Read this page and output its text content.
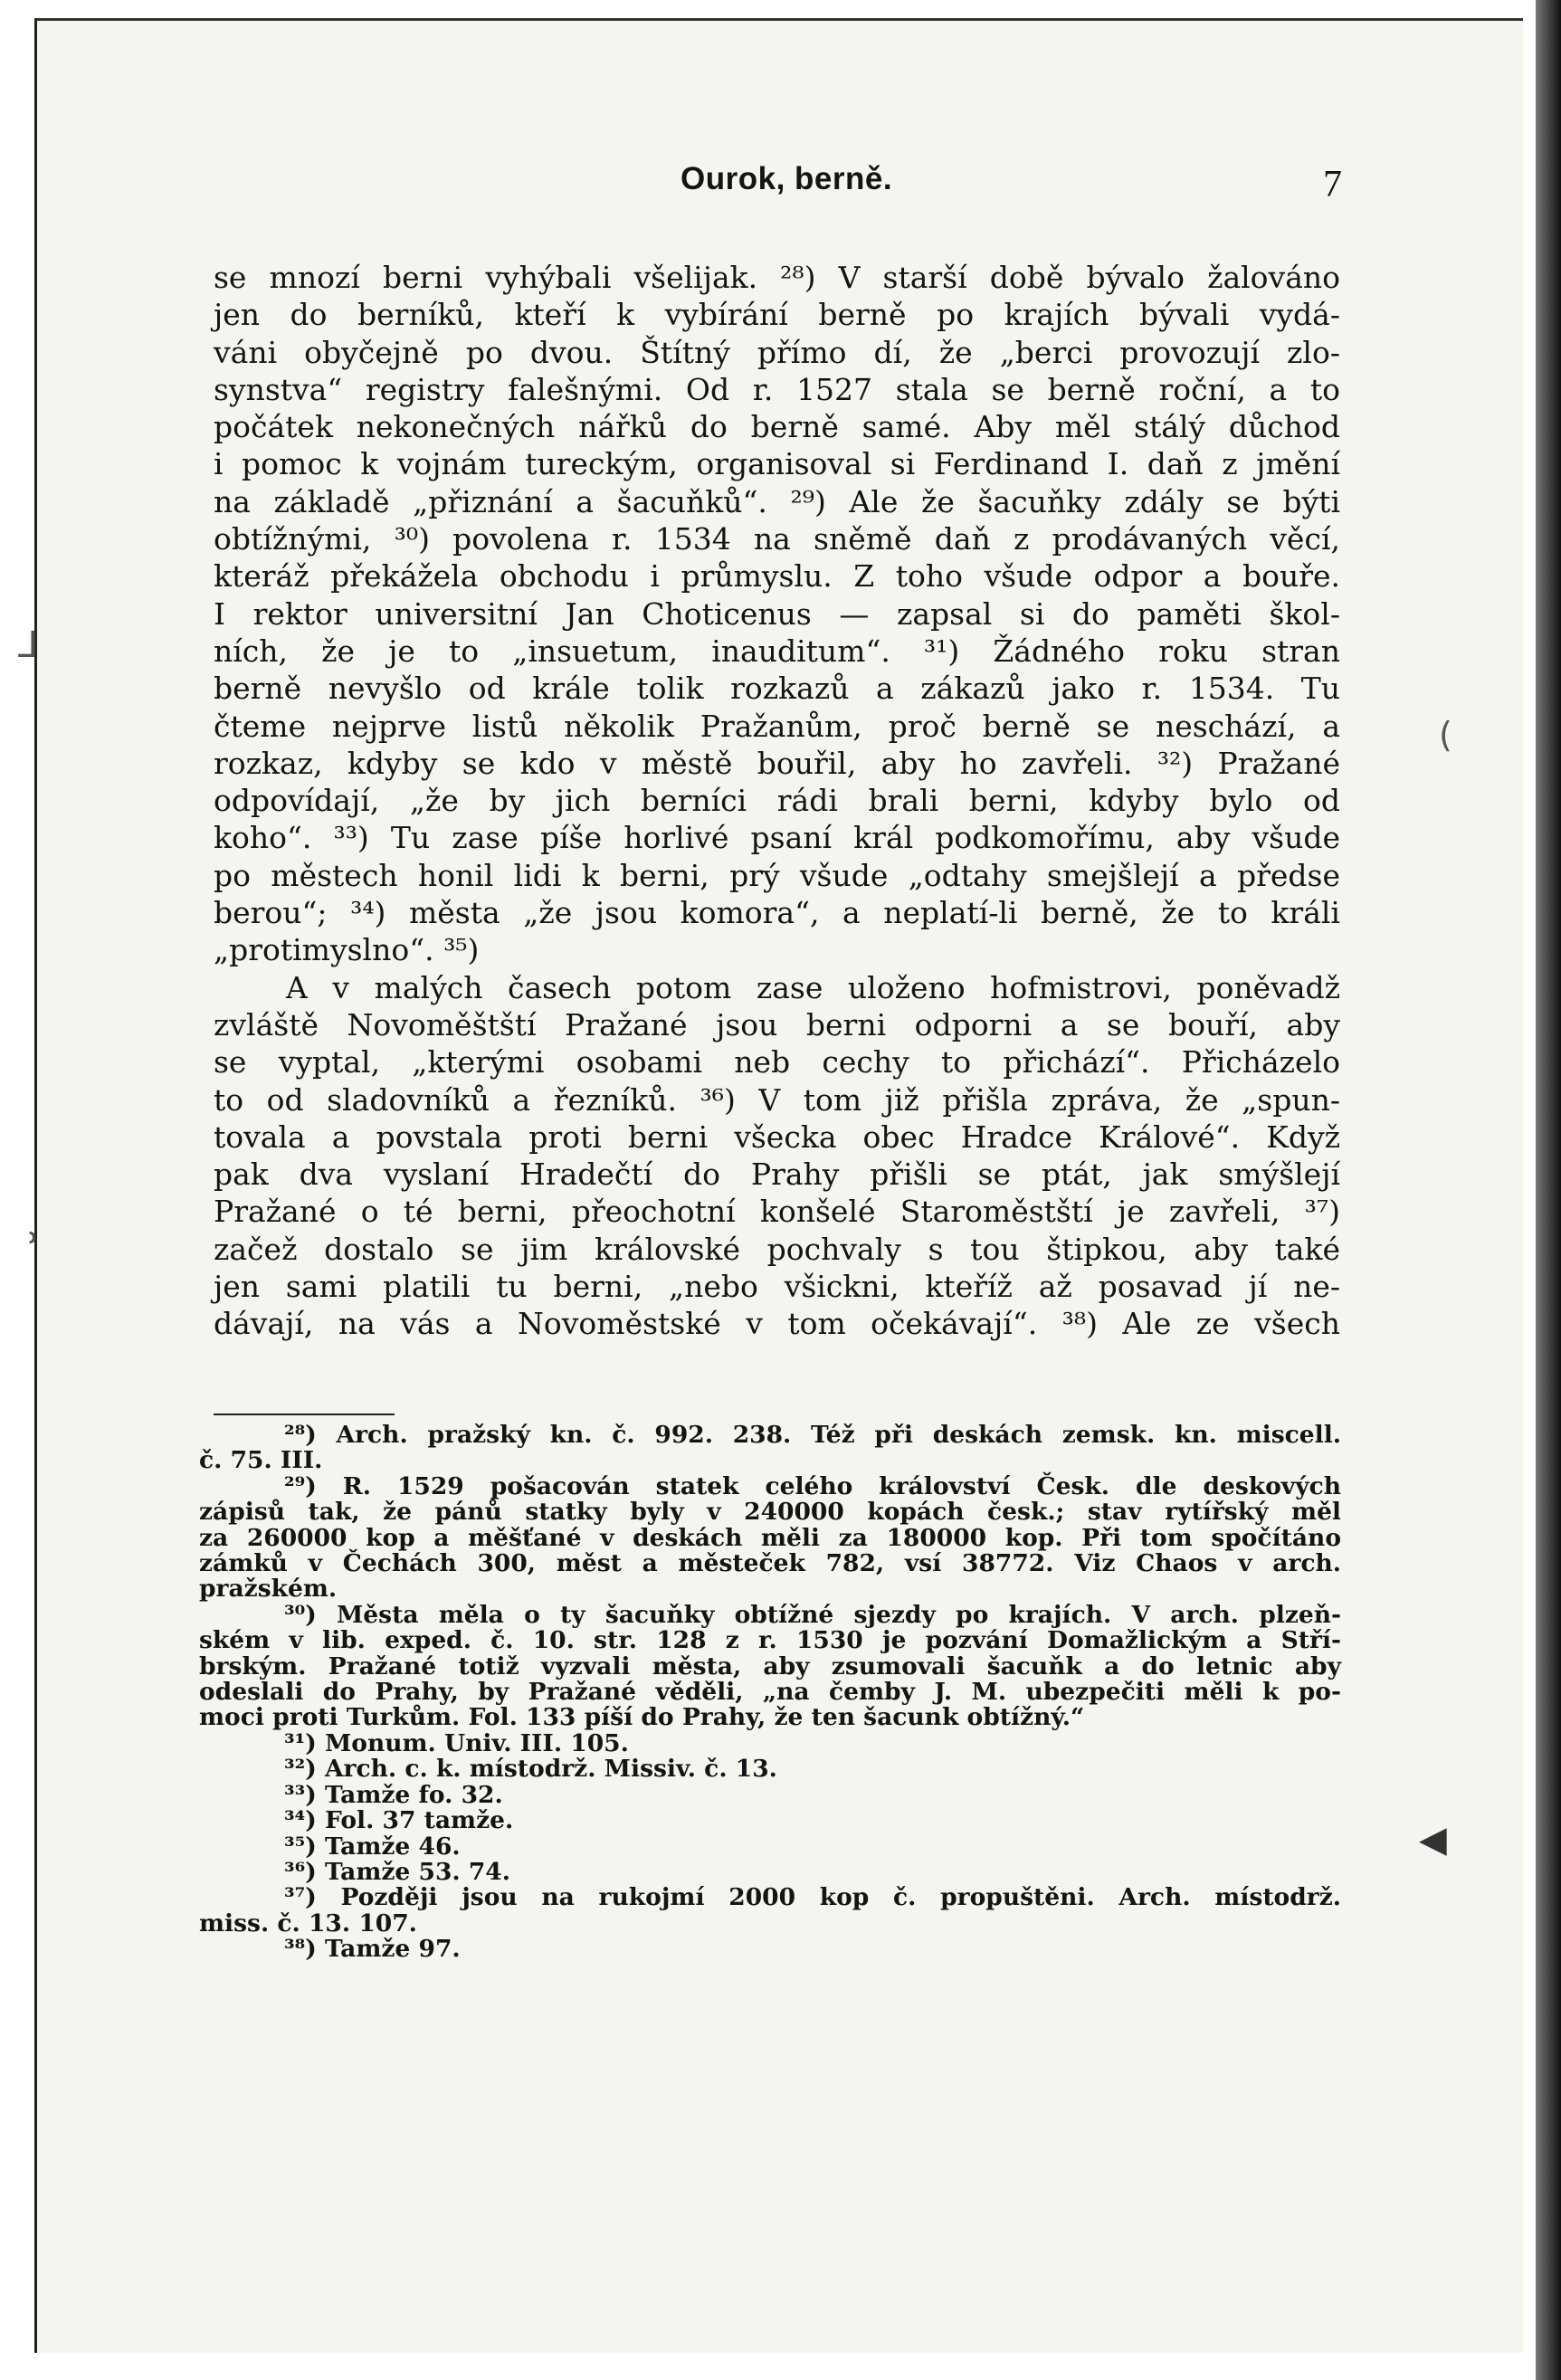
Ourok, berně.	7
se mnozí berni vyhýbali všelijak. ²⁸) V starší době bývalo žalováno
jen do berníků, kteří k vybírání berně po krajích bývali vydá-
váni obyčejně po dvou. Štítný přímo dí, že „berci provozují zlo-
synstva“ registry falešnými. Od r. 1527 stala se berně roční, a to
počátek nekonečných nářků do berně samé. Aby měl stálý důchod
i pomoc k vojnám tureckým, organisoval si Ferdinand I. daň z jmění
na základě „přiznání a šacuňků“. ²⁹) Ale že šacuňky zdály se býti
obtížnými, ³⁰) povolena r. 1534 na sněmě daň z prodávaných věcí,
kteráž překážela obchodu i průmyslu. Z toho všude odpor a bouře.
I rektor universitní Jan Choticenus — zapsal si do paměti škol-
ních, že je to „insuetum, inauditum“. ³¹) Žádného roku stran
berně nevyšlo od krále tolik rozkazů a zákazů jako r. 1534. Tu
čteme nejprve listů několik Pražanům, proč berně se neschází, a
rozkaz, kdyby se kdo v městě bouřil, aby ho zavřeli. ³²) Pražané
odpovídají, „že by jich berníci rádi brali berni, kdyby bylo od
koho“. ³³) Tu zase píše horlivé psaní král podkomořímu, aby všude
po městech honil lidi k berni, prý všude „odtahy smejšlejí a předse
berou“; ³⁴) města „že jsou komora“, a neplatí-li berně, že to králi
„protimyslno“. ³⁵)
A v malých časech potom zase uloženo hofmistrovi, poněvadž
zvláště Novoměštští Pražané jsou berni odporni a se bouří, aby
se vyptal, „kterými osobami neb cechy to přichází“. Přicházelo
to od sladovníků a řezníků. ³⁶) V tom již přišla zpráva, že „spun-
tovala a povstala proti berni všecka obec Hradce Králové“. Když
pak dva vyslaní Hradečtí do Prahy přišli se ptát, jak smýšlejí
Pražané o té berni, přeochotní konšelé Staroměstští je zavřeli, ³⁷)
začež dostalo se jim královské pochvaly s tou štipkou, aby také
jen sami platili tu berni, „nebo všickni, kteříž až posavad jí ne-
dávají, na vás a Novoměstské v tom očekávají“. ³⁸) Ale ze všech
²⁸) Arch. pražský kn. č. 992. 238. Též při deskách zemsk. kn. miscell.
č. 75. III.
²⁹) R. 1529 pošacován statek celého království Česk. dle deskových
zápisů tak, že pánů statky byly v 240000 kopách česk.; stav rytířský měl
za 260000 kop a měšťané v deskách měli za 180000 kop. Při tom spočítáno
zámků v Čechách 300, měst a městeček 782, vsí 38772. Viz Chaos v arch.
pražském.
³⁰) Města měla o ty šacuňky obtížné sjezdy po krajích. V arch. plzeň-
ském v lib. exped. č. 10. str. 128 z r. 1530 je pozvání Domažlickým a Stří-
brským. Pražané totiž vyzvali města, aby zsumovali šacuňk a do letnic aby
odeslali do Prahy, by Pražané věděli, „na čemby J. M. ubezpečiti měli k po-
moci proti Turkům. Fol. 133 píší do Prahy, že ten šacunk obtížný.“
³¹) Monum. Univ. III. 105.
³²) Arch. c. k. místodrž. Missiv. č. 13.
³³) Tamže fo. 32.
³⁴) Fol. 37 tamže.
³⁵) Tamže 46.
³⁶) Tamže 53. 74.
³⁷) Později jsou na rukojmí 2000 kop č. propuštěni. Arch. místodrž.
miss. č. 13. 107.
³⁸) Tamže 97.
⅃
᠈
(
◀
